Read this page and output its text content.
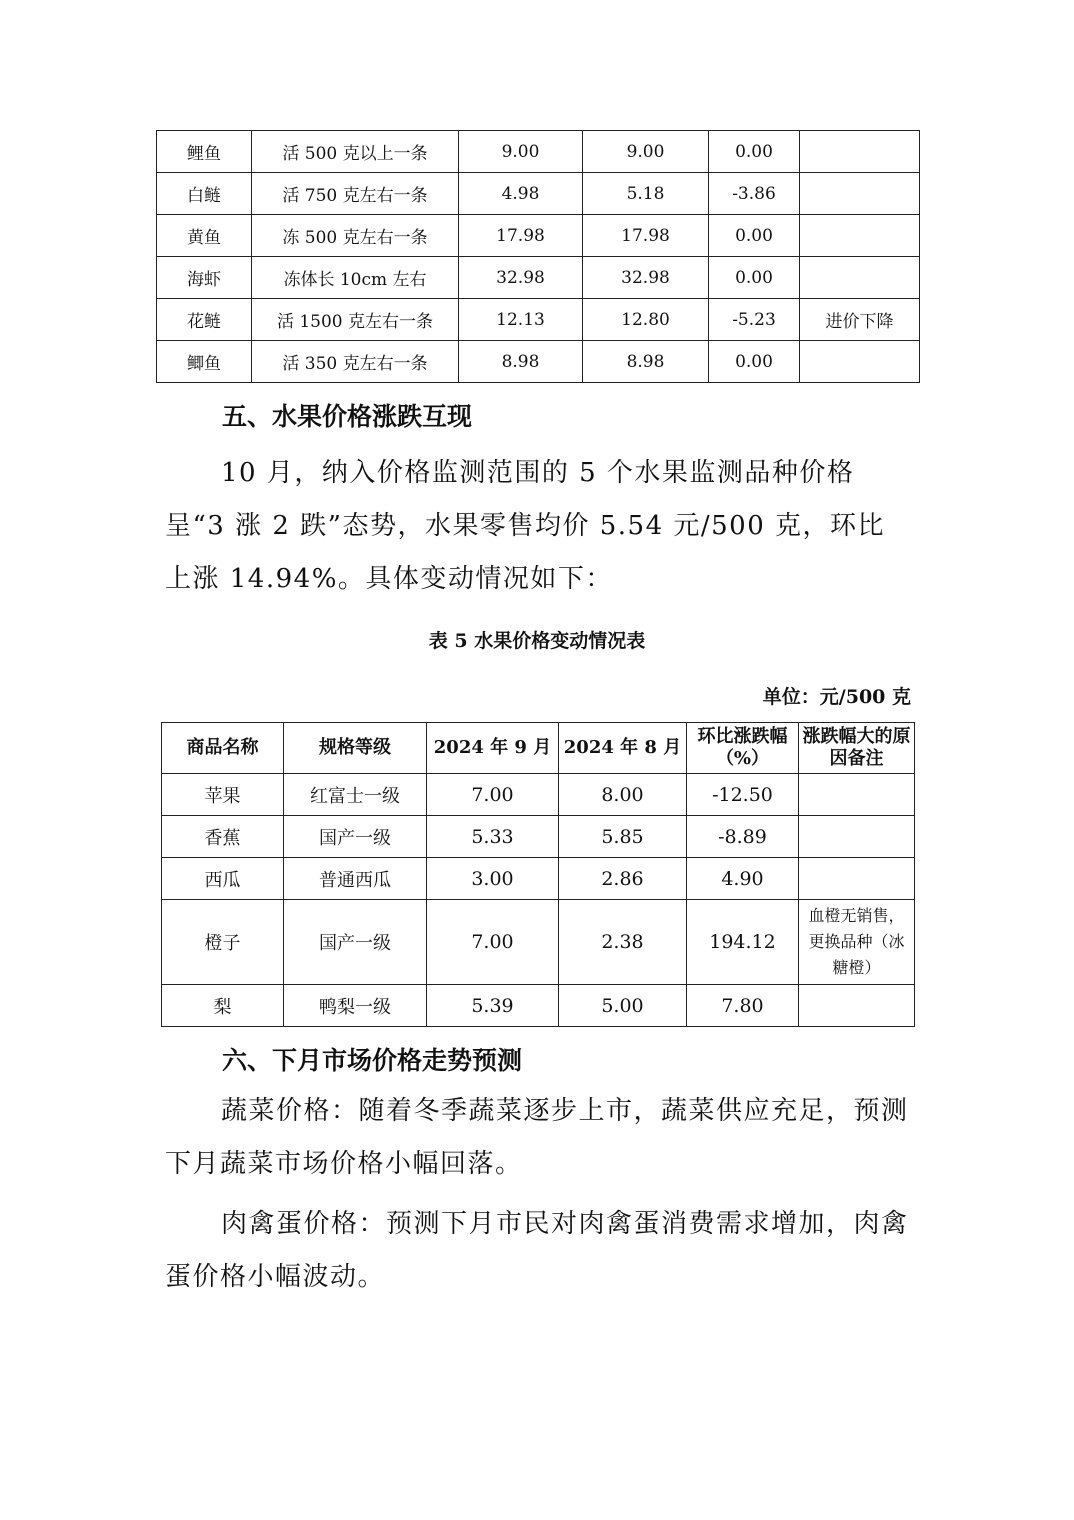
鲤鱼	活 500 克以上一条	9.00	9.00	0.00	
白鲢	活 750 克左右一条	4.98	5.18	-3.86	
黄鱼	冻 500 克左右一条	17.98	17.98	0.00	
海虾	冻体长 10cm 左右	32.98	32.98	0.00	
花鲢	活 1500 克左右一条	12.13	12.80	-5.23	进价下降
鲫鱼	活 350 克左右一条	8.98	8.98	0.00	
五、水果价格涨跌互现

10 月，纳入价格监测范围的 5 个水果监测品种价格呈“3 涨 2 跌”态势，水果零售均价 5.54 元/500 克，环比上涨 14.94%。具体变动情况如下：

表 5 水果价格变动情况表

单位：元/500 克

商品名称	规格等级	2024 年 9 月	2024 年 8 月	环比涨跌幅（%）	涨跌幅大的原因备注
苹果	红富士一级	7.00	8.00	-12.50	
香蕉	国产一级	5.33	5.85	-8.89	
西瓜	普通西瓜	3.00	2.86	4.90	
橙子	国产一级	7.00	2.38	194.12	血橙无销售，更换品种（冰糖橙）
梨	鸭梨一级	5.39	5.00	7.80	
六、下月市场价格走势预测

蔬菜价格：随着冬季蔬菜逐步上市，蔬菜供应充足，预测下月蔬菜市场价格小幅回落。

肉禽蛋价格：预测下月市民对肉禽蛋消费需求增加，肉禽蛋价格小幅波动。
